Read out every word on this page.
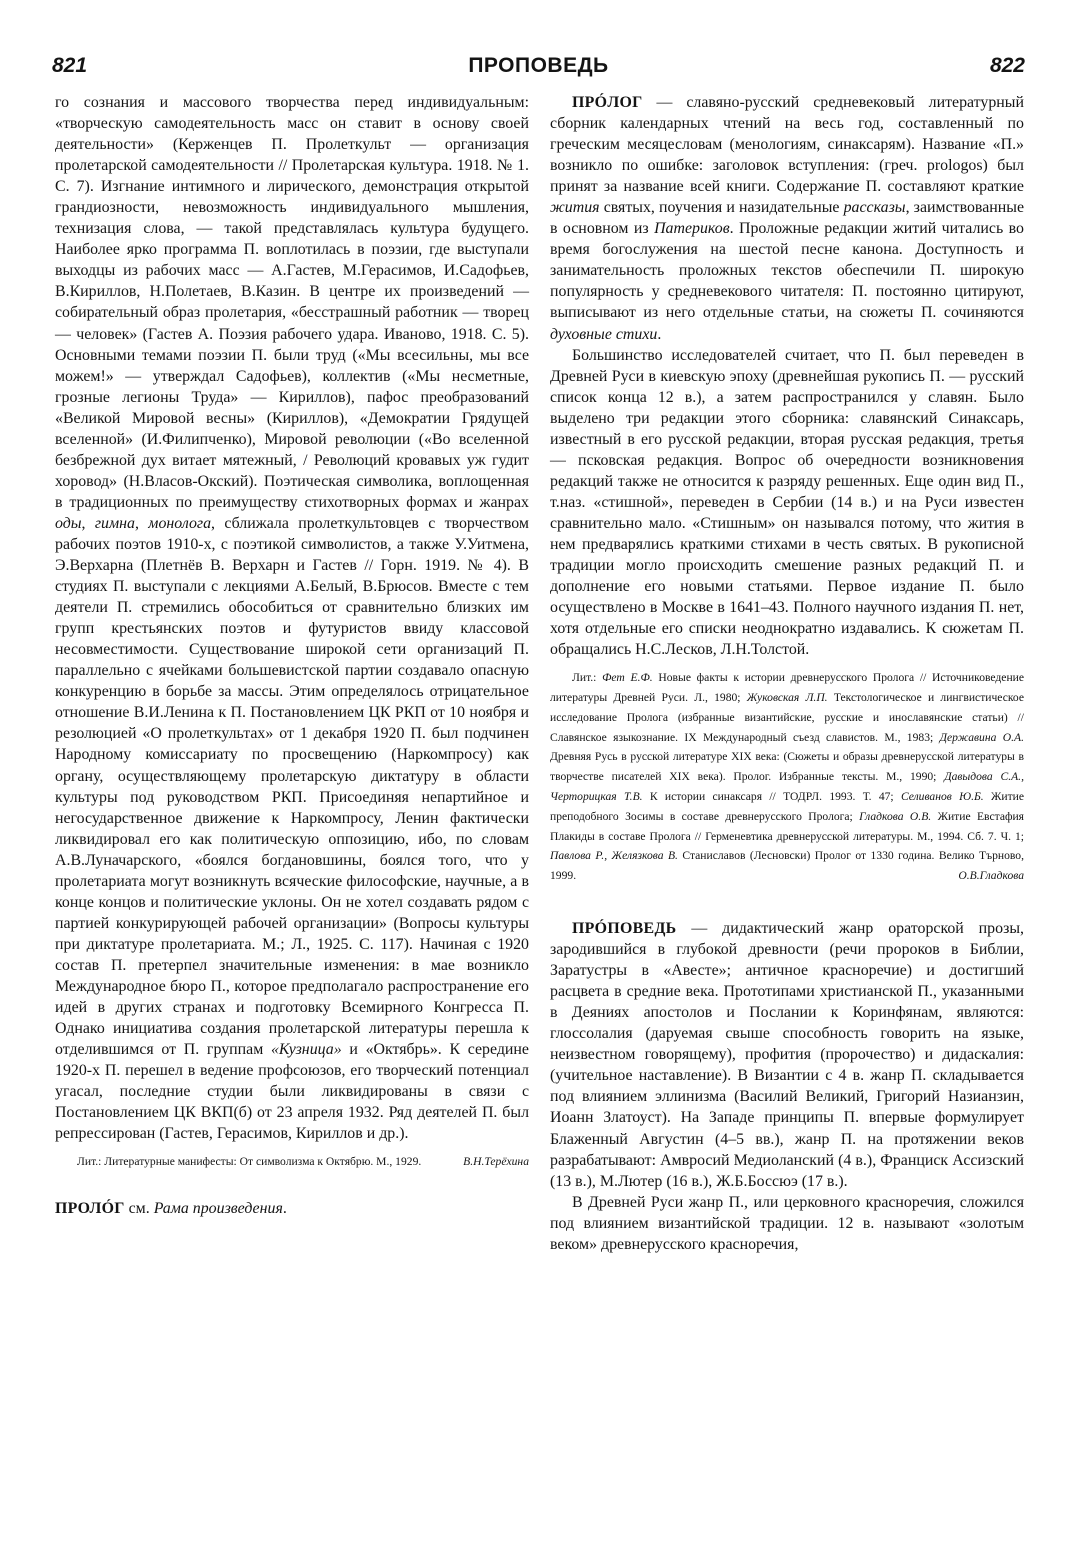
821	ПРОПОВЕДЬ	822

го сознания и массового творчества перед индивидуальным: «творческую самодеятельность масс он ставит в основу своей деятельности» (Керженцев П. Пролеткульт — организация пролетарской самодеятельности // Пролетарская культура. 1918. № 1. С. 7). Изгнание интимного и лирического, демонстрация открытой грандиозности, невозможность индивидуального мышления, технизация слова, — такой представлялась культура будущего. Наиболее ярко программа П. воплотилась в поэзии, где выступали выходцы из рабочих масс — А.Гастев, М.Герасимов, И.Садофьев, В.Кириллов, Н.Полетаев, В.Казин. В центре их произведений — собирательный образ пролетария, «бесстрашный работник — творец — человек» (Гастев А. Поэзия рабочего удара. Иваново, 1918. С. 5). Основными темами поэзии П. были труд («Мы всесильны, мы все можем!» — утверждал Садофьев), коллектив («Мы несметные, грозные легионы Труда» — Кириллов), пафос преобразований «Великой Мировой весны» (Кириллов), «Демократии Грядущей вселенной» (И.Филипченко), Мировой революции («Во вселенной безбрежной дух витает мятежный, / Революций кровавых уж гудит хоровод» (Н.Власов-Окский). Поэтическая символика, воплощенная в традиционных по преимуществу стихотворных формах и жанрах оды, гимна, монолога, сближала пролеткультовцев с творчеством рабочих поэтов 1910-х, с поэтикой символистов, а также У.Уитмена, Э.Верхарна (Плетнёв В. Верхарн и Гастев // Горн. 1919. № 4). В студиях П. выступали с лекциями А.Белый, В.Брюсов. Вместе с тем деятели П. стремились обособиться от сравнительно близких им групп крестьянских поэтов и футуристов ввиду классовой несовместимости. Существование широкой сети организаций П. параллельно с ячейками большевистской партии создавало опасную конкуренцию в борьбе за массы. Этим определялось отрицательное отношение В.И.Ленина к П. Постановлением ЦК РКП от 10 ноября и резолюцией «О пролеткультах» от 1 декабря 1920 П. был подчинен Народному комиссариату по просвещению (Наркомпросу) как органу, осуществляющему пролетарскую диктатуру в области культуры под руководством РКП. Присоединяя непартийное и негосударственное движение к Наркомпросу, Ленин фактически ликвидировал его как политическую оппозицию, ибо, по словам А.В.Луначарского, «боялся богдановшины, боялся того, что у пролетариата могут возникнуть всяческие философские, научные, а в конце концов и политические уклоны. Он не хотел создавать рядом с партией конкурирующей рабочей организации» (Вопросы культуры при диктатуре пролетариата. М.; Л., 1925. С. 117). Начиная с 1920 состав П. претерпел значительные изменения: в мае возникло Международное бюро П., которое предполагало распространение его идей в других странах и подготовку Всемирного Конгресса П. Однако инициатива создания пролетарской литературы перешла к отделившимся от П. группам «Кузница» и «Октябрь». К середине 1920-х П. перешел в ведение профсоюзов, его творческий потенциал угасал, последние студии были ликвидированы в связи с Постановлением ЦК ВКП(б) от 23 апреля 1932. Ряд деятелей П. был репрессирован (Гастев, Герасимов, Кириллов и др.).

Лит.: Литературные манифесты: От символизма к Октябрю. М., 1929.	В.Н.Терёхина

ПРОЛÓГ см. Рама произведения.

ПРÓЛОГ — славяно-русский средневековый литературный сборник календарных чтений на весь год, составленный по греческим месяцесловам (менологиям, синаксарям). Название «П.» возникло по ошибке: заголовок вступления: (греч. prologos) был принят за название всей книги. Содержание П. составляют краткие жития святых, поучения и назидательные рассказы, заимствованные в основном из Патериков. Проложные редакции житий читались во время богослужения на шестой песне канона. Доступность и занимательность проложных текстов обеспечили П. широкую популярность у средневекового читателя: П. постоянно цитируют, выписывают из него отдельные статьи, на сюжеты П. сочиняются духовные стихи.

Большинство исследователей считает, что П. был переведен в Древней Руси в киевскую эпоху (древнейшая рукопись П. — русский список конца 12 в.), а затем распространился у славян. Было выделено три редакции этого сборника: славянский Синаксарь, известный в его русской редакции, вторая русская редакция, третья — псковская редакция. Вопрос об очередности возникновения редакций также не относится к разряду решенных. Еще один вид П., т.наз. «стишной», переведен в Сербии (14 в.) и на Руси известен сравнительно мало. «Стишным» он назывался потому, что жития в нем предварялись краткими стихами в честь святых. В рукописной традиции могло происходить смешение разных редакций П. и дополнение его новыми статьями. Первое издание П. было осуществлено в Москве в 1641–43. Полного научного издания П. нет, хотя отдельные его списки неоднократно издавались. К сюжетам П. обращались Н.С.Лесков, Л.Н.Толстой.

Лит.: Фет Е.Ф. Новые факты к истории древнерусского Пролога // Источниковедение литературы Древней Руси. Л., 1980; Жуковская Л.П. Текстологическое и лингвистическое исследование Пролога (избранные византийские, русские и инославянские статьи) // Славянское языкознание. IX Международный съезд славистов. М., 1983; Державина О.А. Древняя Русь в русской литературе XIX века: (Сюжеты и образы древнерусской литературы в творчестве писателей XIX века). Пролог. Избранные тексты. М., 1990; Давыдова С.А., Черторицкая Т.В. К истории синаксаря // ТОДРЛ. 1993. Т. 47; Селиванов Ю.Б. Житие преподобного Зосимы в составе древнерусского Пролога; Гладкова О.В. Житие Евстафия Плакиды в составе Пролога // Герменевтика древнерусской литературы. М., 1994. Сб. 7. Ч. 1; Павлова Р., Желязкова В. Станиславов (Лесновски) Пролог от 1330 година. Велико Търново, 1999.	О.В.Гладкова

ПРÓПОВЕДЬ — дидактический жанр ораторской прозы, зародившийся в глубокой древности (речи пророков в Библии, Заратустры в «Авесте»; античное красноречие) и достигший расцвета в средние века. Прототипами христианской П., указанными в Деяниях апостолов и Послании к Коринфянам, являются: глоссолалия (даруемая свыше способность говорить на языке, неизвестном говорящему), профития (пророчество) и дидаскалия: (учительное наставление). В Византии с 4 в. жанр П. складывается под влиянием эллинизма (Василий Великий, Григорий Назианзин, Иоанн Златоуст). На Западе принципы П. впервые формулирует Блаженный Августин (4–5 вв.), жанр П. на протяжении веков разрабатывают: Амвросий Медиоланский (4 в.), Франциск Ассизский (13 в.), М.Лютер (16 в.), Ж.Б.Боссюэ (17 в.).

В Древней Руси жанр П., или церковного красноречия, сложился под влиянием византийской традиции. 12 в. называют «золотым веком» древнерусского красноречия,
